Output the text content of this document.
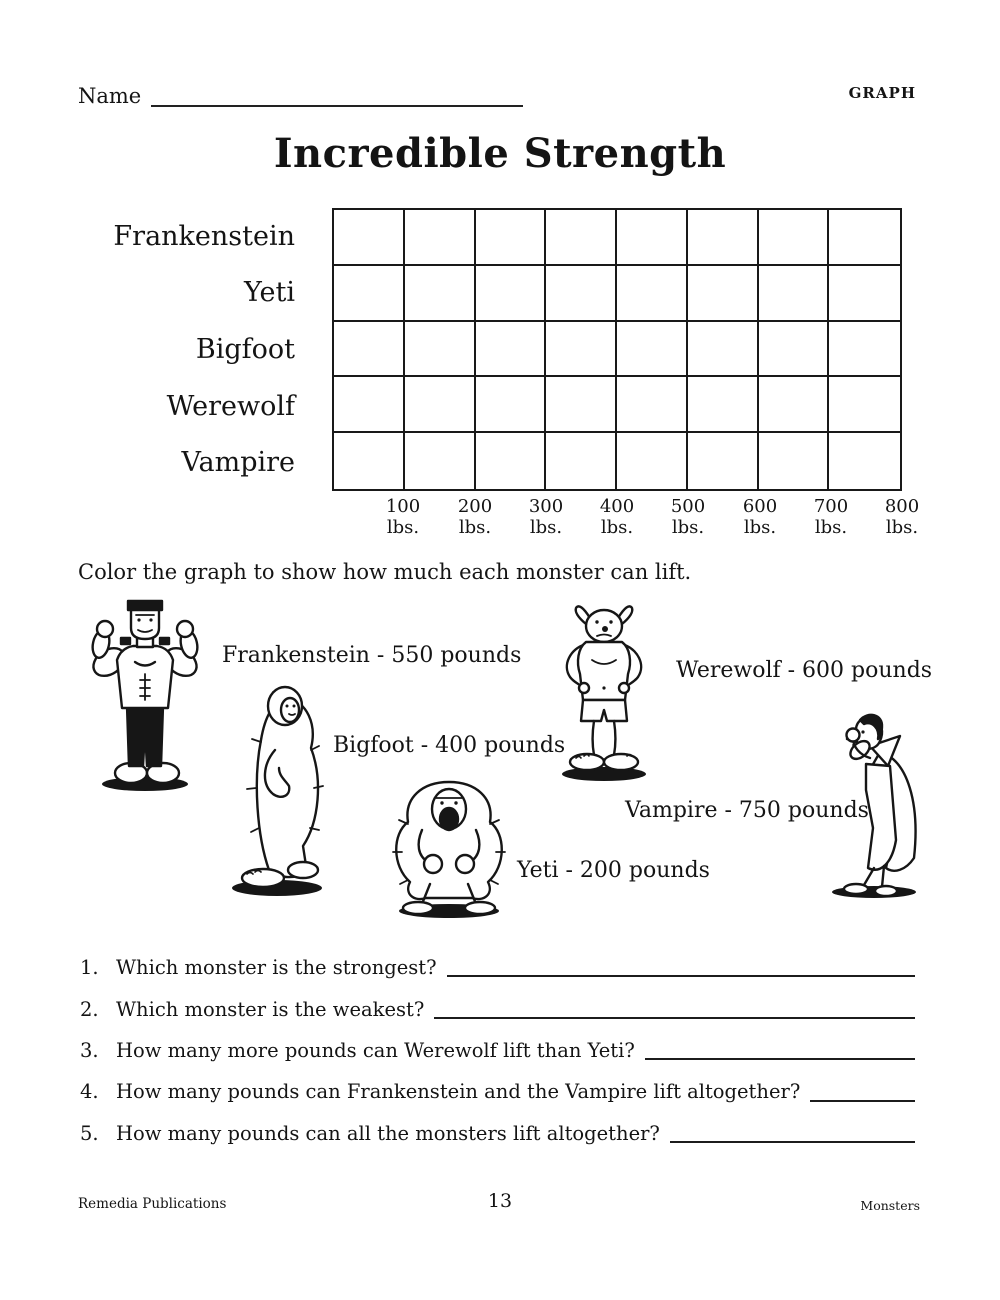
Name	GRAPH
Incredible Strength
Frankenstein
Yeti
Bigfoot
Werewolf
Vampire
100
lbs.
200
lbs.
300
lbs.
400
lbs.
500
lbs.
600
lbs.
700
lbs.
800
lbs.
Color the graph to show how much each monster can lift.
Frankenstein - 550 pounds
Bigfoot - 400 pounds
Werewolf - 600 pounds
Vampire - 750 pounds
Yeti - 200 pounds
1. Which monster is the strongest?
2. Which monster is the weakest?
3. How many more pounds can Werewolf lift than Yeti?
4. How many pounds can Frankenstein and the Vampire lift altogether?
5. How many pounds can all the monsters lift altogether?
Remedia Publications	13	Monsters
